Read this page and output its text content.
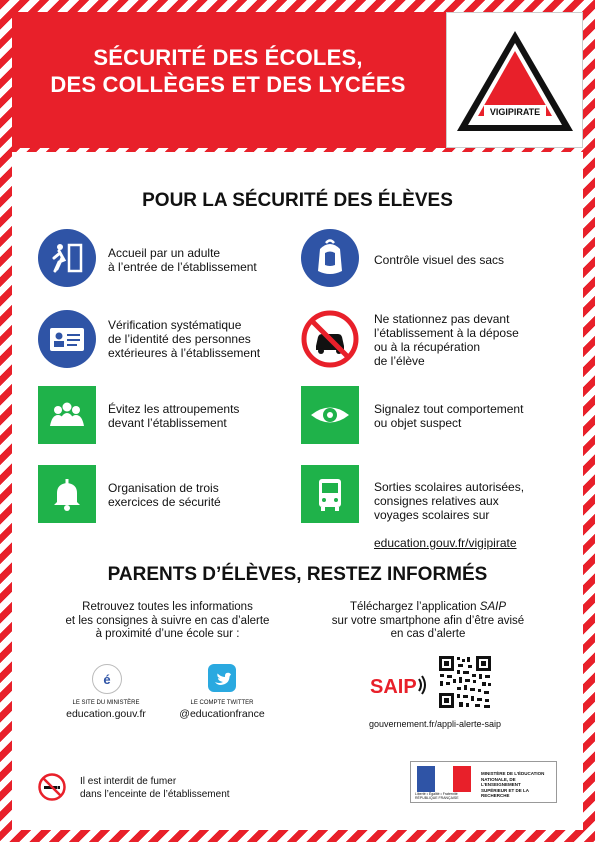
SÉCURITÉ DES ÉCOLES,
DES COLLÈGES ET DES LYCÉES
VIGIPIRATE
POUR LA SÉCURITÉ DES ÉLÈVES
Accueil par un adulte
à l’entrée de l’établissement	Contrôle visuel des sacs
Vérification systématique
de l’identité des personnes
extérieures à l’établissement
Ne stationnez pas devant
l’établissement à la dépose
ou à la récupération
de l’élève
Évitez les attroupements
devant l’établissement
Signalez tout comportement
ou objet suspect
Organisation de trois
exercices de sécurité

Sorties scolaires autorisées,
consignes relatives aux
voyages scolaires sur

education.gouv.fr/vigipirate

PARENTS D’ÉLÈVES, RESTEZ INFORMÉS
Retrouvez toutes les informations
et les consignes à suivre en cas d’alerte
à proximité d’une école sur :
Téléchargez l’application SAIP
sur votre smartphone afin d’être avisé
en cas d’alerte
é
LE SITE DU MINISTÈRE
education.gouv.fr
LE COMPTE TWITTER
@educationfrance
SAIP
gouvernement.fr/appli-alerte-saip
Il est interdit de fumer
dans l’enceinte de l’établissement	Liberté • Égalité • Fraternité
RÉPUBLIQUE FRANÇAISE
MINISTÈRE DE L’ÉDUCATION
NATIONALE, DE L’ENSEIGNEMENT
SUPÉRIEUR ET DE LA RECHERCHE
